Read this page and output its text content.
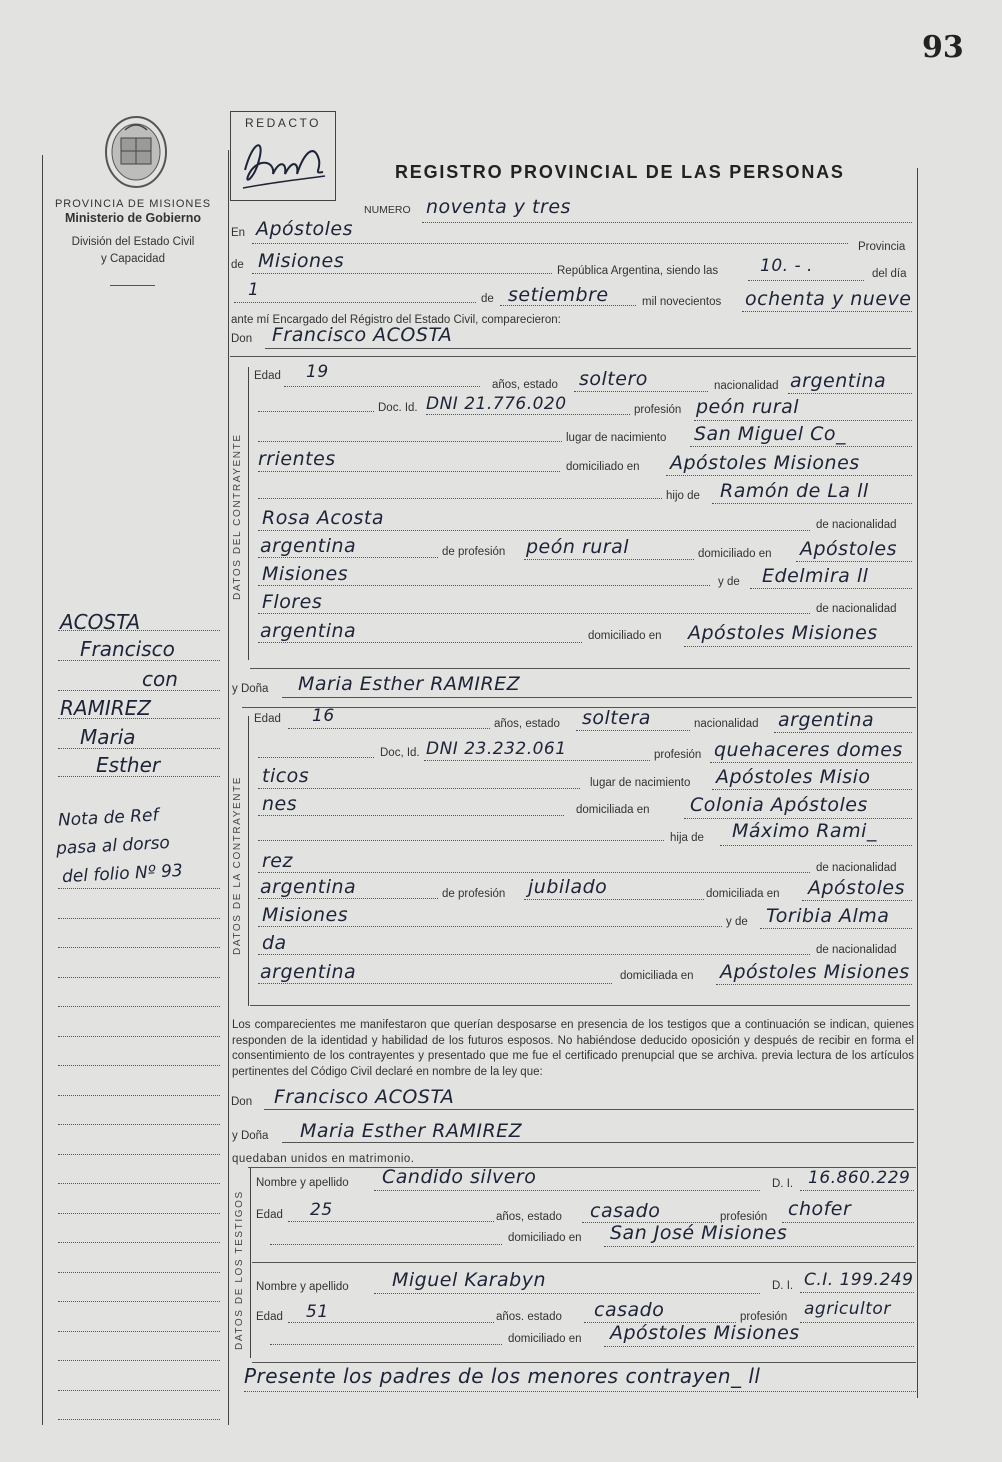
93
PROVINCIA DE MISIONES
Ministerio de Gobierno
División del Estado Civil
y Capacidad
REDACTO
REGISTRO PROVINCIAL DE LAS PERSONAS
NUMERO noventa y tres
En Apóstoles
Provincia
de Misiones	República Argentina, siendo las 10. - .	del día
1	de setiembre	mil novecientos ochenta y nueve
ante mí Encargado del Régistro del Estado Civil, comparecieron:
Don Francisco ACOSTA
DATOS DEL CONTRAYENTE
Edad 19
años, estado soltero	nacionalidad argentina
Doc. Id. DNI 21.776.020	profesión peón rural
lugar de nacimiento San Miguel Co_
rrientes	domiciliado en Apóstoles Misiones
hijo de Ramón de La ll
Rosa Acosta	de nacionalidad
argentina	de profesión peón rural	domiciliado en Apóstoles
Misiones	y de Edelmira ll
Flores	de nacionalidad
argentina	domiciliado en Apóstoles Misiones
y Doña Maria Esther RAMIREZ
DATOS DE LA CONTRAYENTE
Edad 16	años, estado soltera	nacionalidad argentina
Doc, Id. DNI 23.232.061	profesión quehaceres domes
ticos	lugar de nacimiento Apóstoles Misio
nes	domiciliada en Colonia Apóstoles
hija de Máximo Rami_
rez	de nacionalidad
argentina	de profesión jubilado	domiciliada en Apóstoles
Misiones	y de Toribia Alma
da	de nacionalidad
argentina	domiciliada en Apóstoles Misiones
Los comparecientes me manifestaron que querían desposarse en presencia de los testigos que a continuación se indican, quienes responden de la identidad y habilidad de los futuros esposos. No habiéndose deducido oposición y después de recibir en forma el consentimiento de los contrayentes y presentado que me fue el certificado prenupcial que se archiva. previa lectura de los artículos pertinentes del Código Civil declaré en nombre de la ley que:
Don Francisco ACOSTA
y Doña Maria Esther RAMIREZ
quedaban unidos en matrimonio.
DATOS DE LOS TESTIGOS
Nombre y apellido Candido silvero	D. I. 16.860.229
Edad 25	años, estado casado	profesión chofer
domiciliado en San José Misiones
Nombre y apellido Miguel Karabyn	D. I. C.I. 199.249
Edad 51	años. estado casado	profesión agricultor
domiciliado en Apóstoles Misiones
Presente los padres de los menores contrayen_ ll
ACOSTA
Francisco
con
RAMIREZ
Maria
Esther
Nota de Ref
pasa al dorso
del folio Nº 93
